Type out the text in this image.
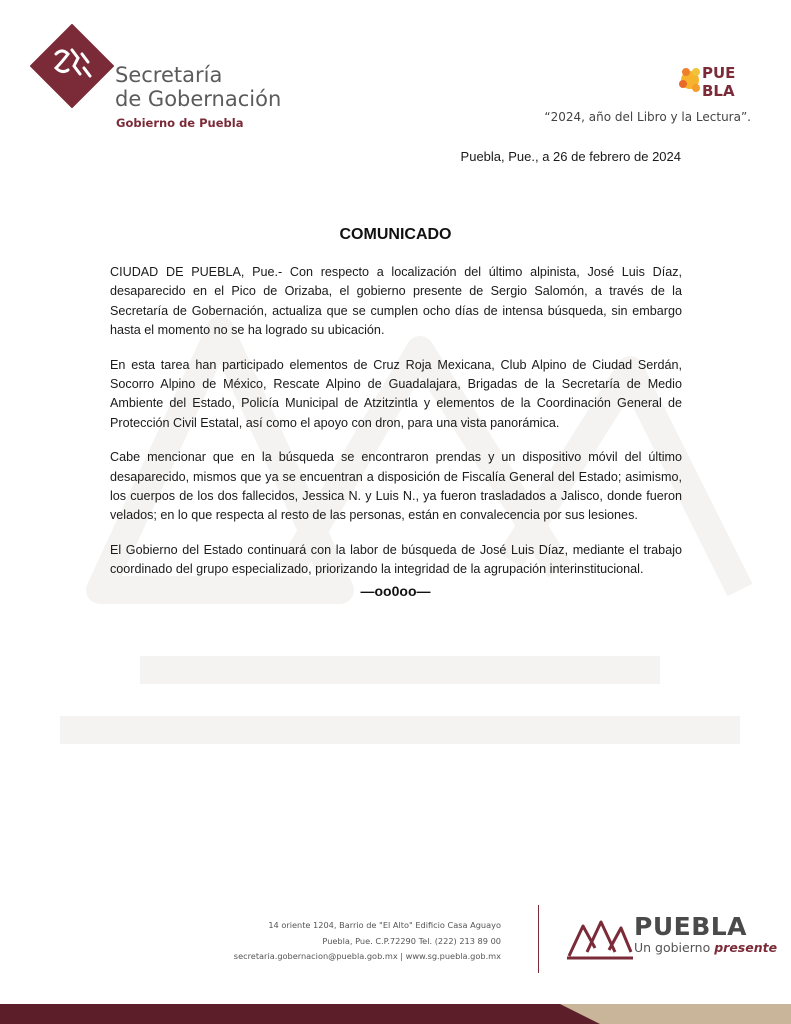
Secretaría
de Gobernación
Gobierno de Puebla
PUE
BLA
“2024, año del Libro y la Lectura”.
Puebla, Pue., a 26 de febrero de 2024
COMUNICADO

CIUDAD DE PUEBLA, Pue.- Con respecto a localización del último alpinista, José Luis Díaz, desaparecido en el Pico de Orizaba, el gobierno presente de Sergio Salomón, a través de la Secretaría de Gobernación, actualiza que se cumplen ocho días de intensa búsqueda, sin embargo hasta el momento no se ha logrado su ubicación.

En esta tarea han participado elementos de Cruz Roja Mexicana, Club Alpino de Ciudad Serdán, Socorro Alpino de México, Rescate Alpino de Guadalajara, Brigadas de la Secretaría de Medio Ambiente del Estado, Policía Municipal de Atzitzintla y elementos de la Coordinación General de Protección Civil Estatal, así como el apoyo con dron, para una vista panorámica.

Cabe mencionar que en la búsqueda se encontraron prendas y un dispositivo móvil del último desaparecido, mismos que ya se encuentran a disposición de Fiscalía General del Estado; asimismo, los cuerpos de los dos fallecidos, Jessica N. y Luis N., ya fueron trasladados a Jalisco, donde fueron velados; en lo que respecta al resto de las personas, están en convalecencia por sus lesiones.

El Gobierno del Estado continuará con la labor de búsqueda de José Luis Díaz, mediante el trabajo coordinado del grupo especializado, priorizando la integridad de la agrupación interinstitucional.

—oo0oo—
14 oriente 1204, Barrio de "El Alto" Edificio Casa Aguayo
Puebla, Pue. C.P.72290 Tel. (222) 213 89 00
secretaria.gobernacion@puebla.gob.mx | www.sg.puebla.gob.mx
PUEBLA
Un gobierno presente
